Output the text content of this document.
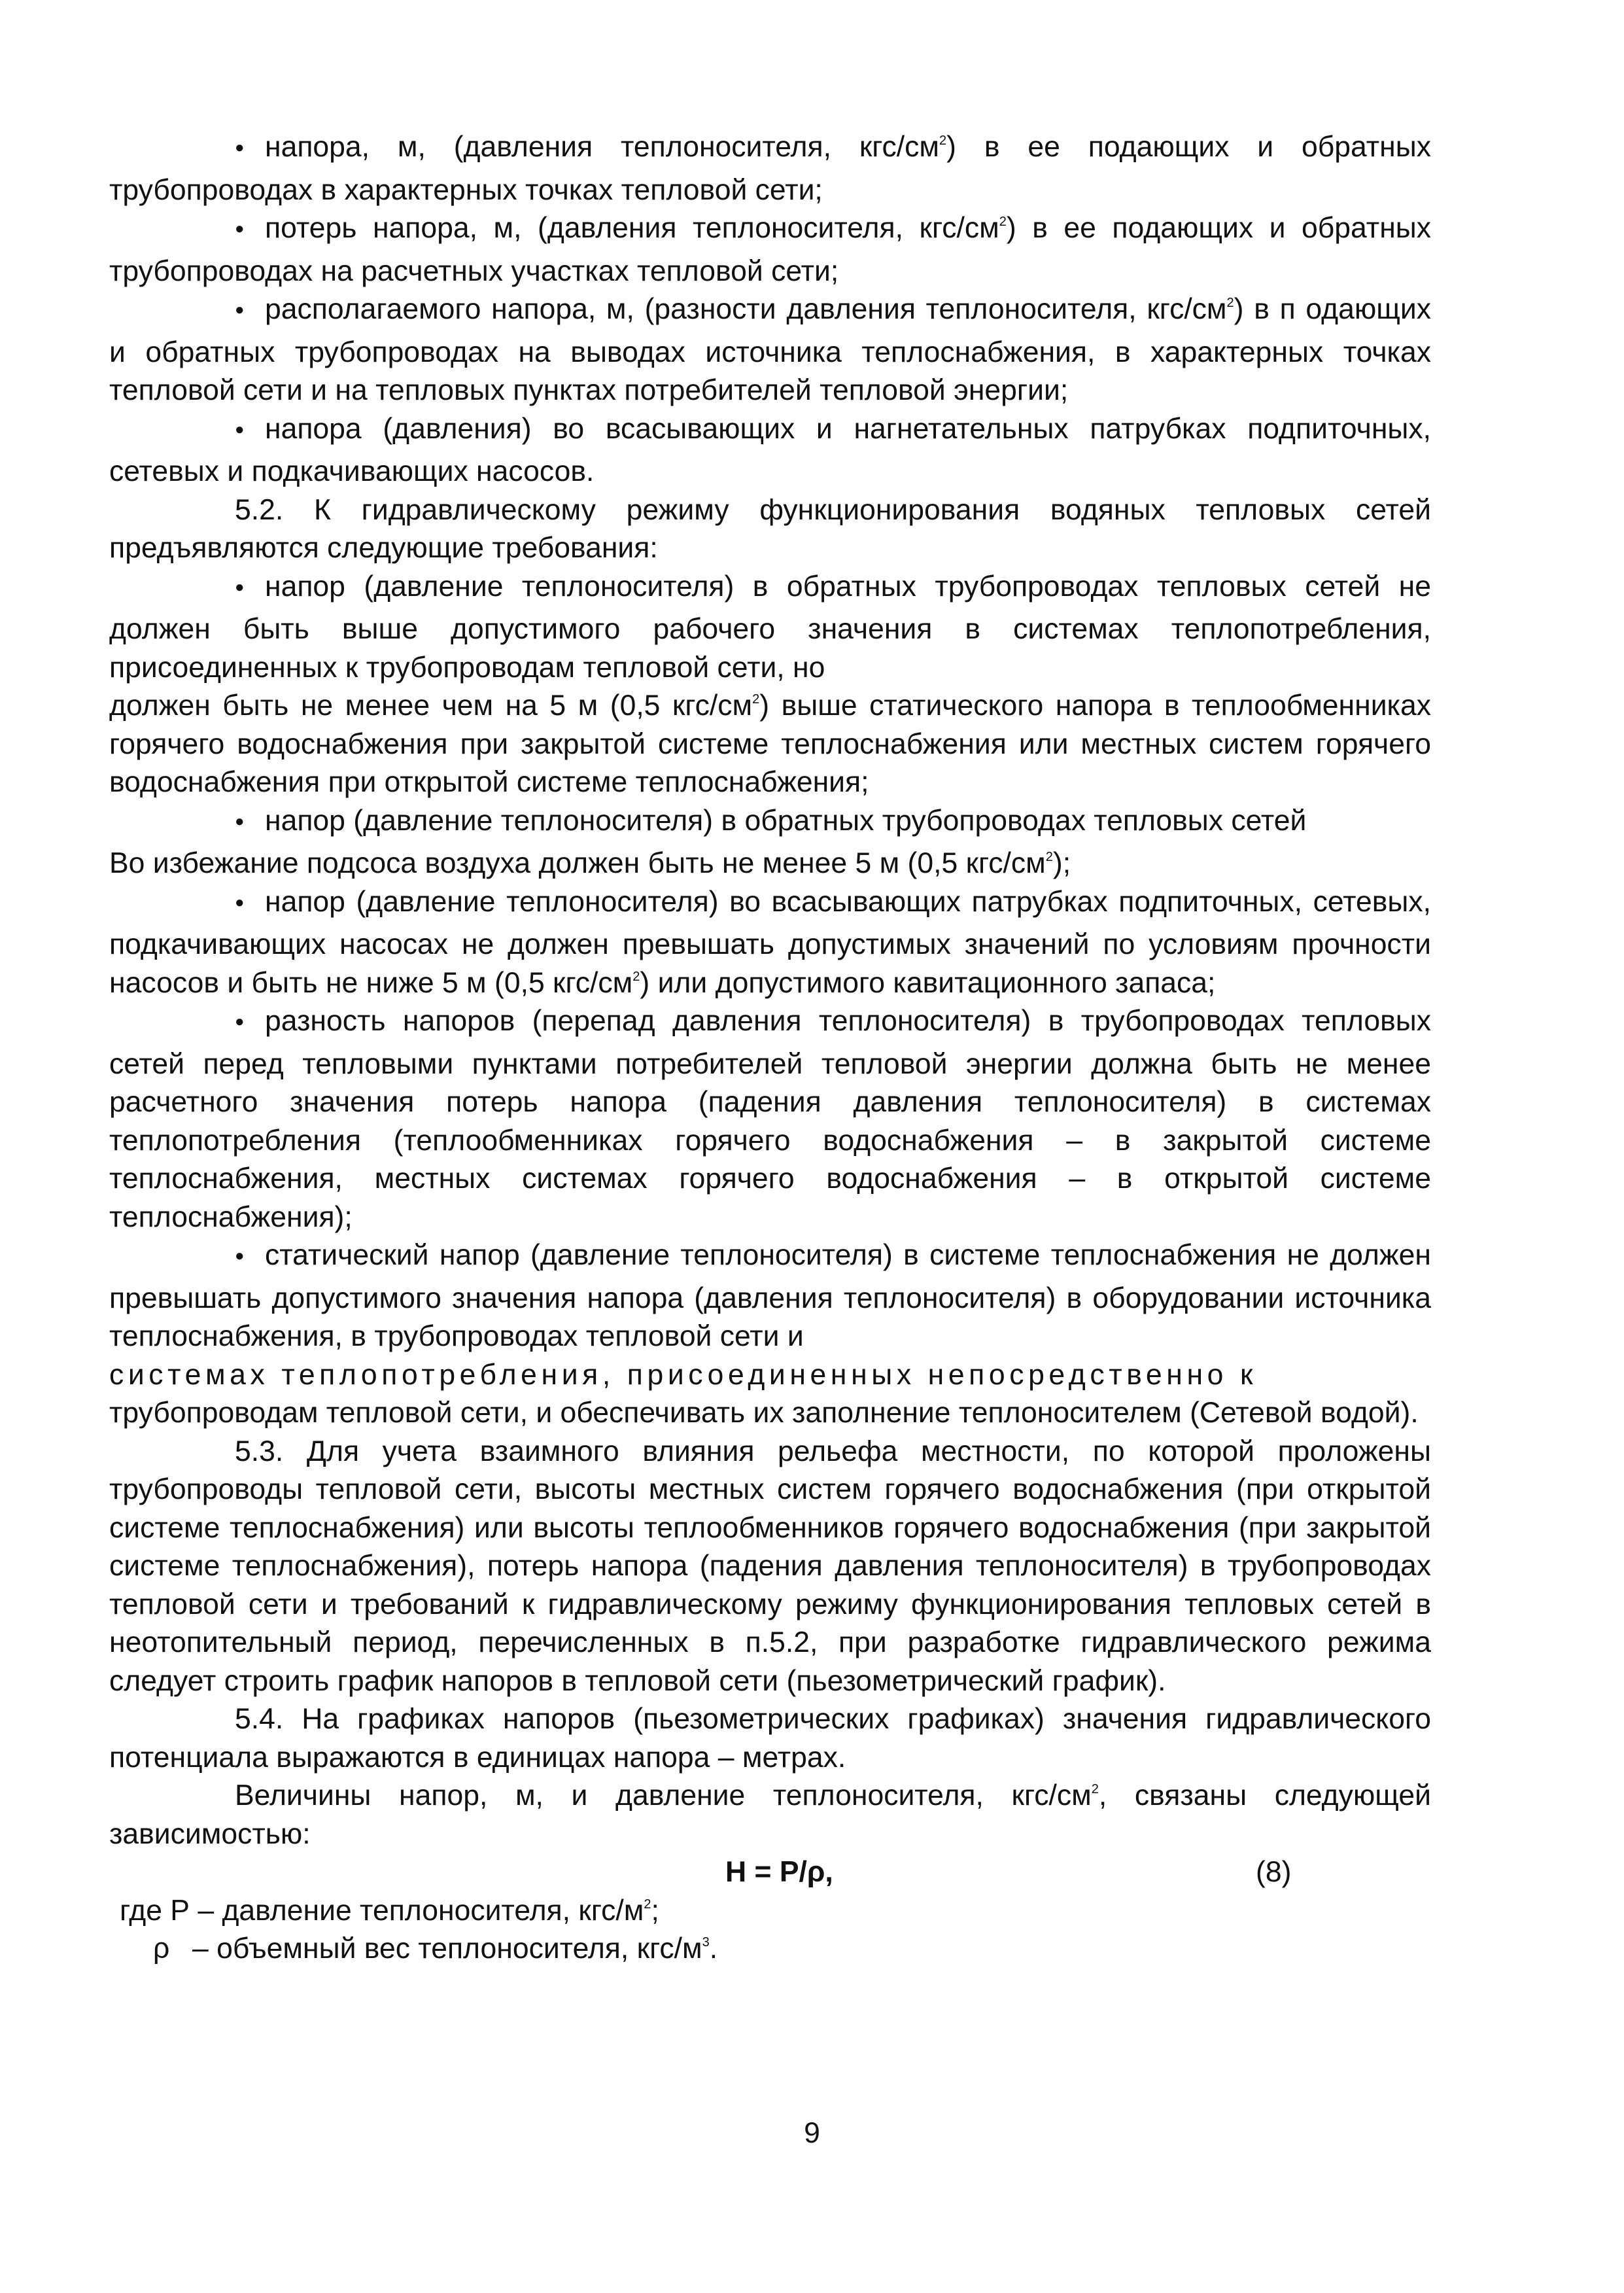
●напора, м, (давления теплоносителя, кгс/$см^2$) в ее подающих и обратных трубопроводах в характерных точках тепловой сети;

●потерь напора, м, (давления теплоносителя, кгс/$см^2$) в ее подающих и обратных трубопроводах на расчетных участках тепловой сети;

●располагаемого напора, м, (разности давления теплоносителя, кгс/$см^2$) в п одающих и обратных трубопроводах на выводах источника теплоснабжения, в характерных точках тепловой сети и на тепловых пунктах потребителей тепловой энергии;

●напора (давления) во всасывающих и нагнетательных патрубках подпиточных, сетевых и подкачивающих насосов.

5.2. К гидравлическому режиму функционирования водяных тепловых сетей предъявляются следующие требования:

●напор (давление теплоносителя) в обратных трубопроводах тепловых сетей не должен быть выше допустимого рабочего значения в системах теплопотребления, присоединенных к трубопроводам тепловой сети, но

должен быть не менее чем на 5 м (0,5 кгс/$см^2$) выше статического напора в теплообменниках горячего водоснабжения при закрытой системе теплоснабжения или местных систем горячего водоснабжения при открытой системе теплоснабжения;

●напор (давление теплоносителя) в обратных трубопроводах тепловых сетей

Во избежание подсоса воздуха должен быть не менее 5 м (0,5 кгс/$см^2$);

●напор (давление теплоносителя) во всасывающих патрубках подпиточных, сетевых, подкачивающих насосах не должен превышать допустимых значений по условиям прочности насосов и быть не ниже 5 м (0,5 кгс/$см^2$) или допустимого кавитационного запаса;

●разность напоров (перепад давления теплоносителя) в трубопроводах тепловых сетей перед тепловыми пунктами потребителей тепловой энергии должна быть не менее расчетного значения потерь напора (падения давления теплоносителя) в системах теплопотребления (теплообменниках горячего водоснабжения – в закрытой системе теплоснабжения, местных системах горячего водоснабжения – в открытой системе теплоснабжения);

●статический напор (давление теплоносителя) в системе теплоснабжения не должен превышать допустимого значения напора (давления теплоносителя) в оборудовании источника теплоснабжения, в трубопроводах тепловой сети и

системах теплопотребления, присоединенных непосредственно к

трубопроводам тепловой сети, и обеспечивать их заполнение теплоносителем (Сетевой водой).

5.3. Для учета взаимного влияния рельефа местности, по которой проложены трубопроводы тепловой сети, высоты местных систем горячего водоснабжения (при открытой системе теплоснабжения) или высоты теплообменников горячего водоснабжения (при закрытой системе теплоснабжения), потерь напора (падения давления теплоносителя) в трубопроводах тепловой сети и требований к гидравлическому режиму функционирования тепловых сетей в неотопительный период, перечисленных в п.5.2, при разработке гидравлического режима следует строить график напоров в тепловой сети (пьезометрический график).

5.4. На графиках напоров (пьезометрических графиках) значения гидравлического потенциала выражаются в единицах напора – метрах.

Величины напор, м, и давление теплоносителя, кгс/$см^2$, связаны следующей зависимостью:

H = P/ρ,	(8)

где Р – давление теплоносителя, кгс/$м^2$;

ρ – объемный вес теплоносителя, кгс/$м^3$.

9
